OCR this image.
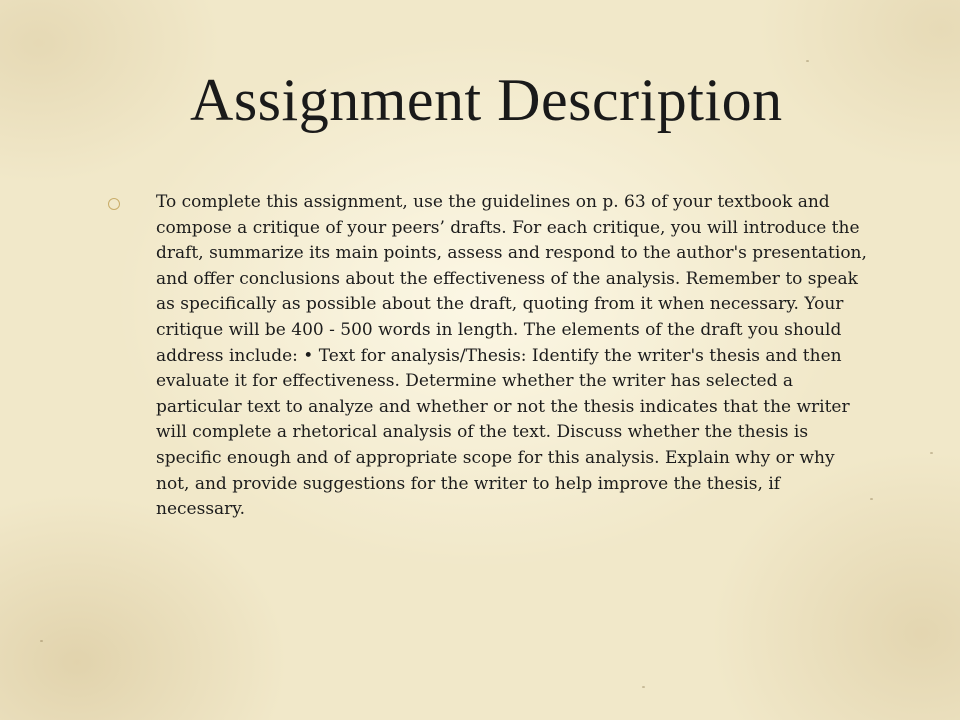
Assignment Description
To complete this assignment, use the guidelines on p. 63 of your textbook and compose a critique of your peers’ drafts. For each critique, you will introduce the draft, summarize its main points, assess and respond to the author's presentation, and offer conclusions about the effectiveness of the analysis. Remember to speak as specifically as possible about the draft, quoting from it when necessary. Your critique will be 400 - 500 words in length. The elements of the draft you should address include: • Text for analysis/Thesis: Identify the writer's thesis and then evaluate it for effectiveness. Determine whether the writer has selected a particular text to analyze and whether or not the thesis indicates that the writer will complete a rhetorical analysis of the text. Discuss whether the thesis is specific enough and of appropriate scope for this analysis. Explain why or why not, and provide suggestions for the writer to help improve the thesis, if necessary.
